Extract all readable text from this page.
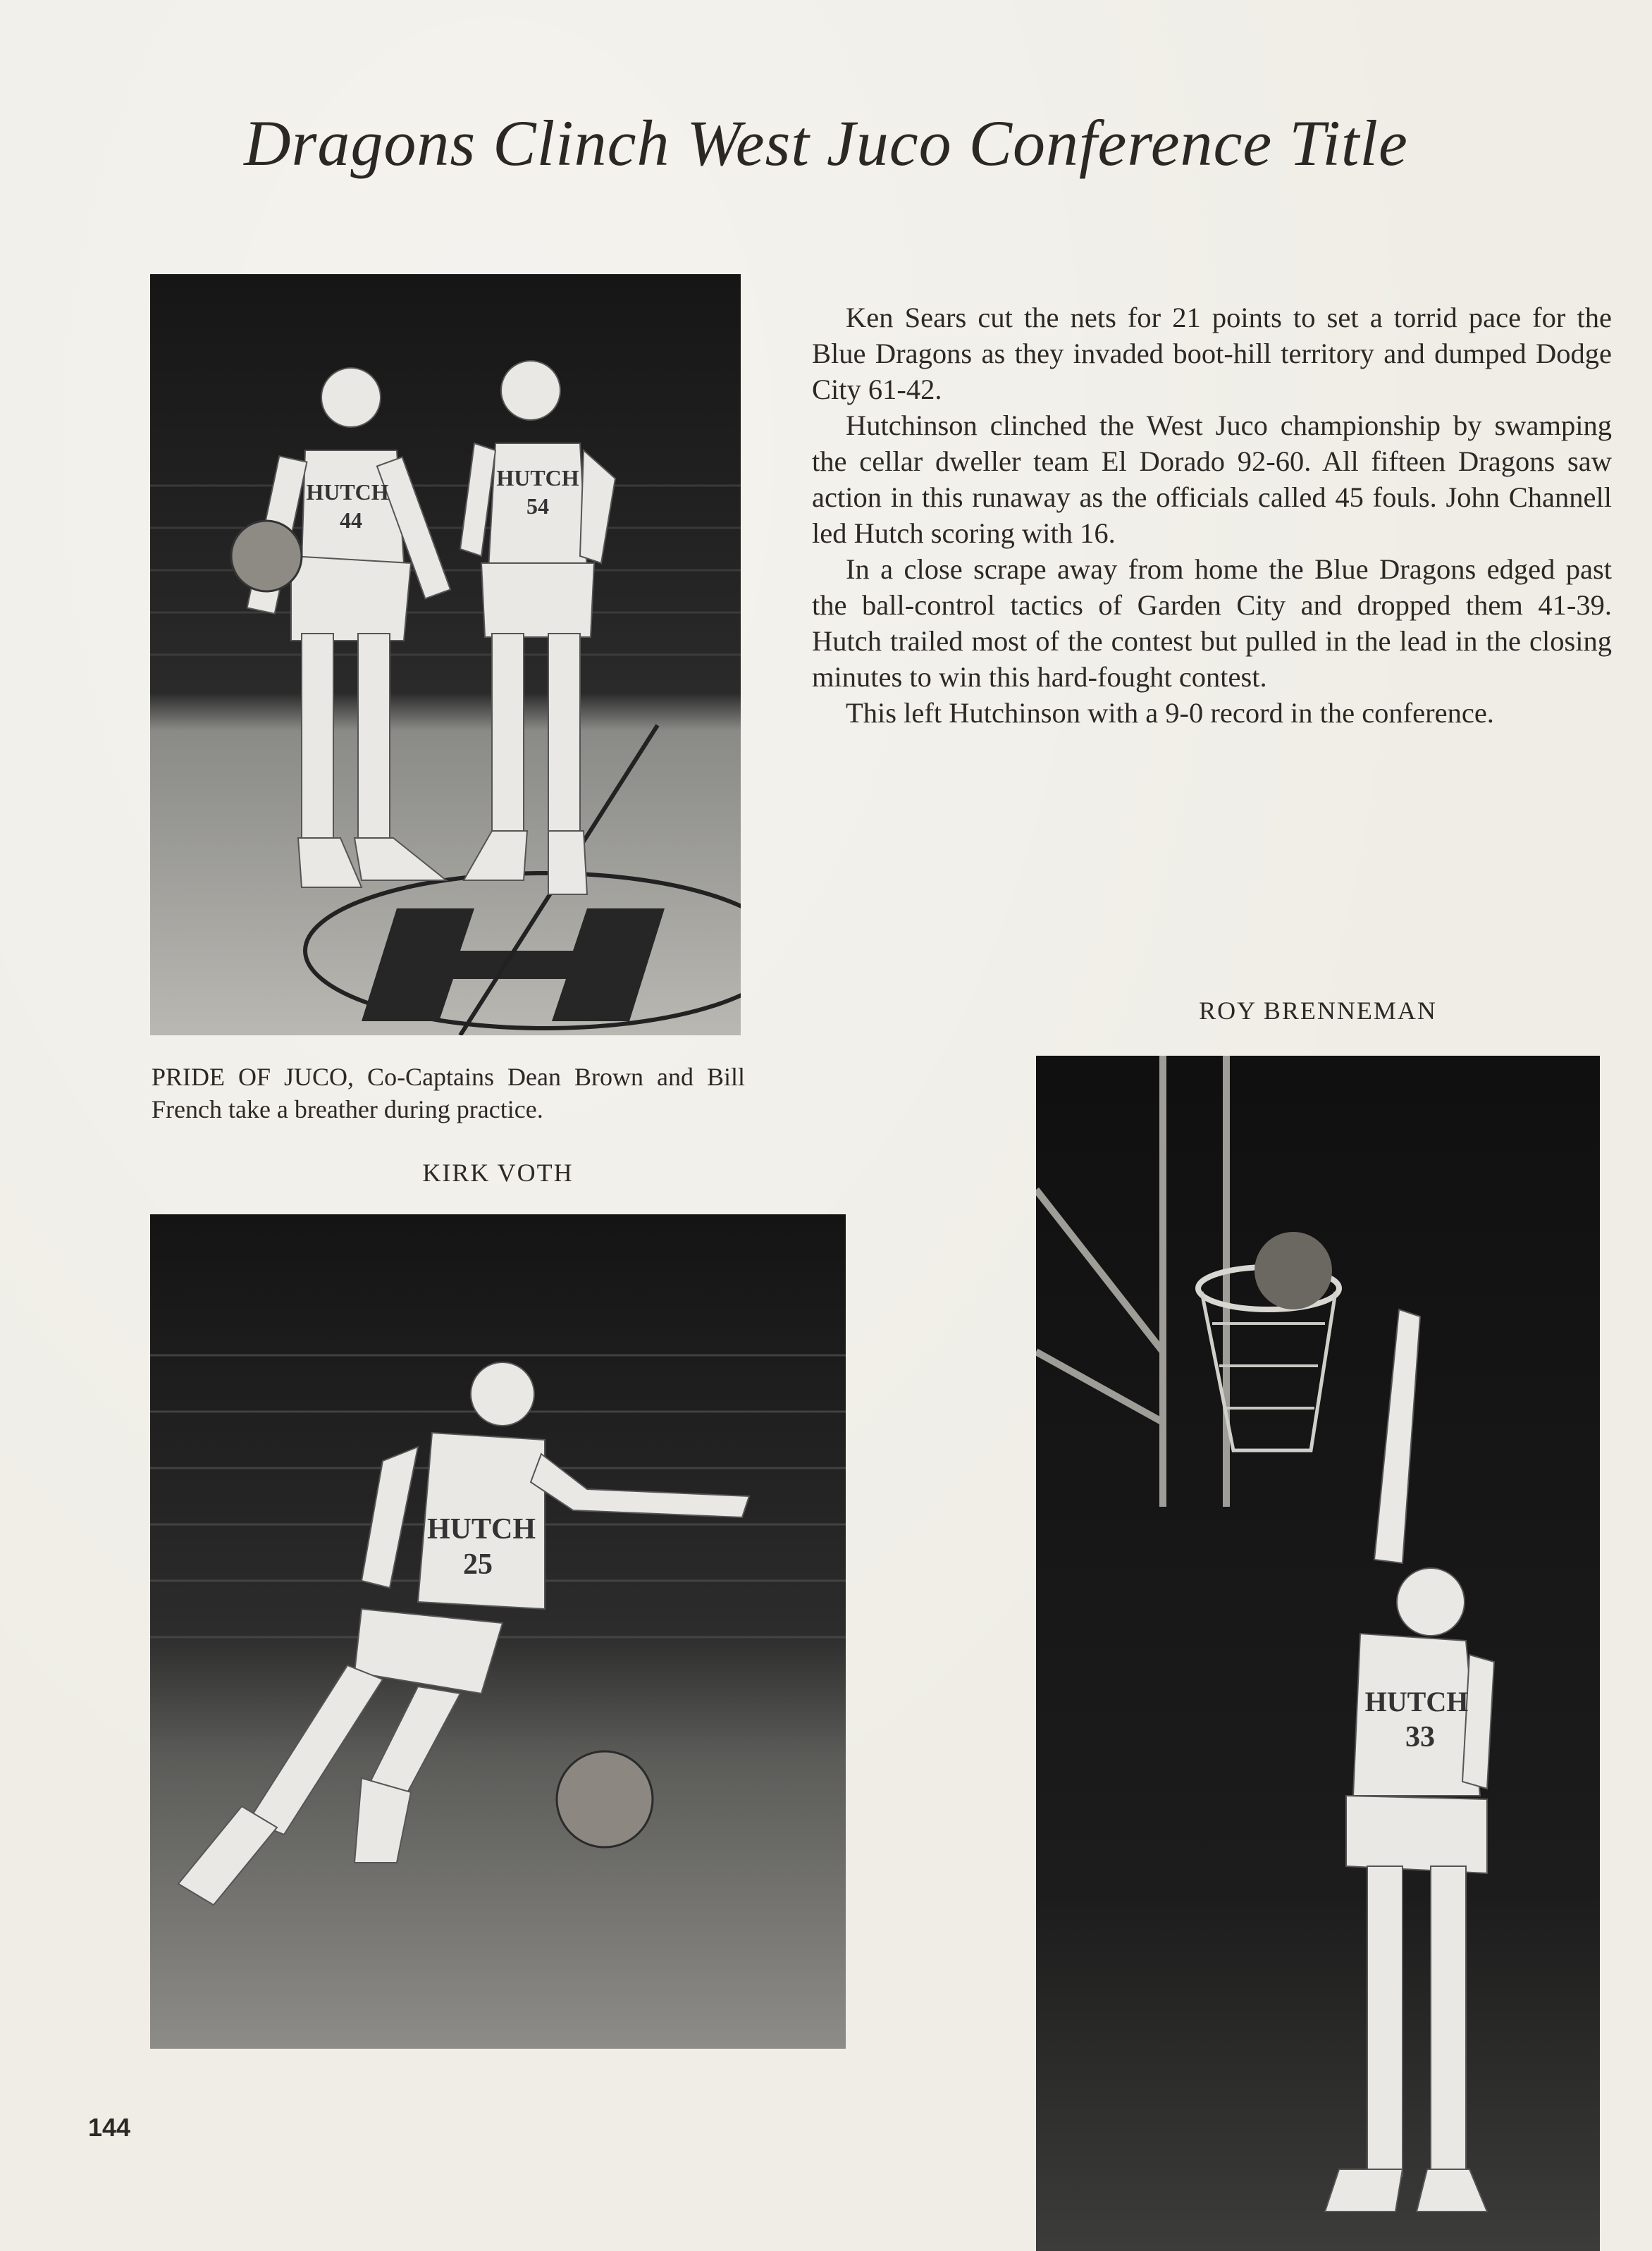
Dragons Clinch West Juco Conference Title
HUTCH
44
HUTCH
54

Ken Sears cut the nets for 21 points to set a torrid pace for the Blue Dragons as they invaded boot-hill territory and dumped Dodge City 61-42.

Hutchinson clinched the West Juco championship by swamping the cellar dweller team El Dorado 92-60. All fifteen Dragons saw action in this runaway as the officials called 45 fouls. John Channell led Hutch scoring with 16.

In a close scrape away from home the Blue Dragons edged past the ball-control tactics of Garden City and dropped them 41-39. Hutch trailed most of the contest but pulled in the lead in the closing minutes to win this hard-fought contest.

This left Hutchinson with a 9-0 record in the conference.

PRIDE OF JUCO, Co-Captains Dean Brown and Bill French take a breather during practice.
KIRK VOTH
HUTCH
25
ROY BRENNEMAN
HUTCH
33
144
